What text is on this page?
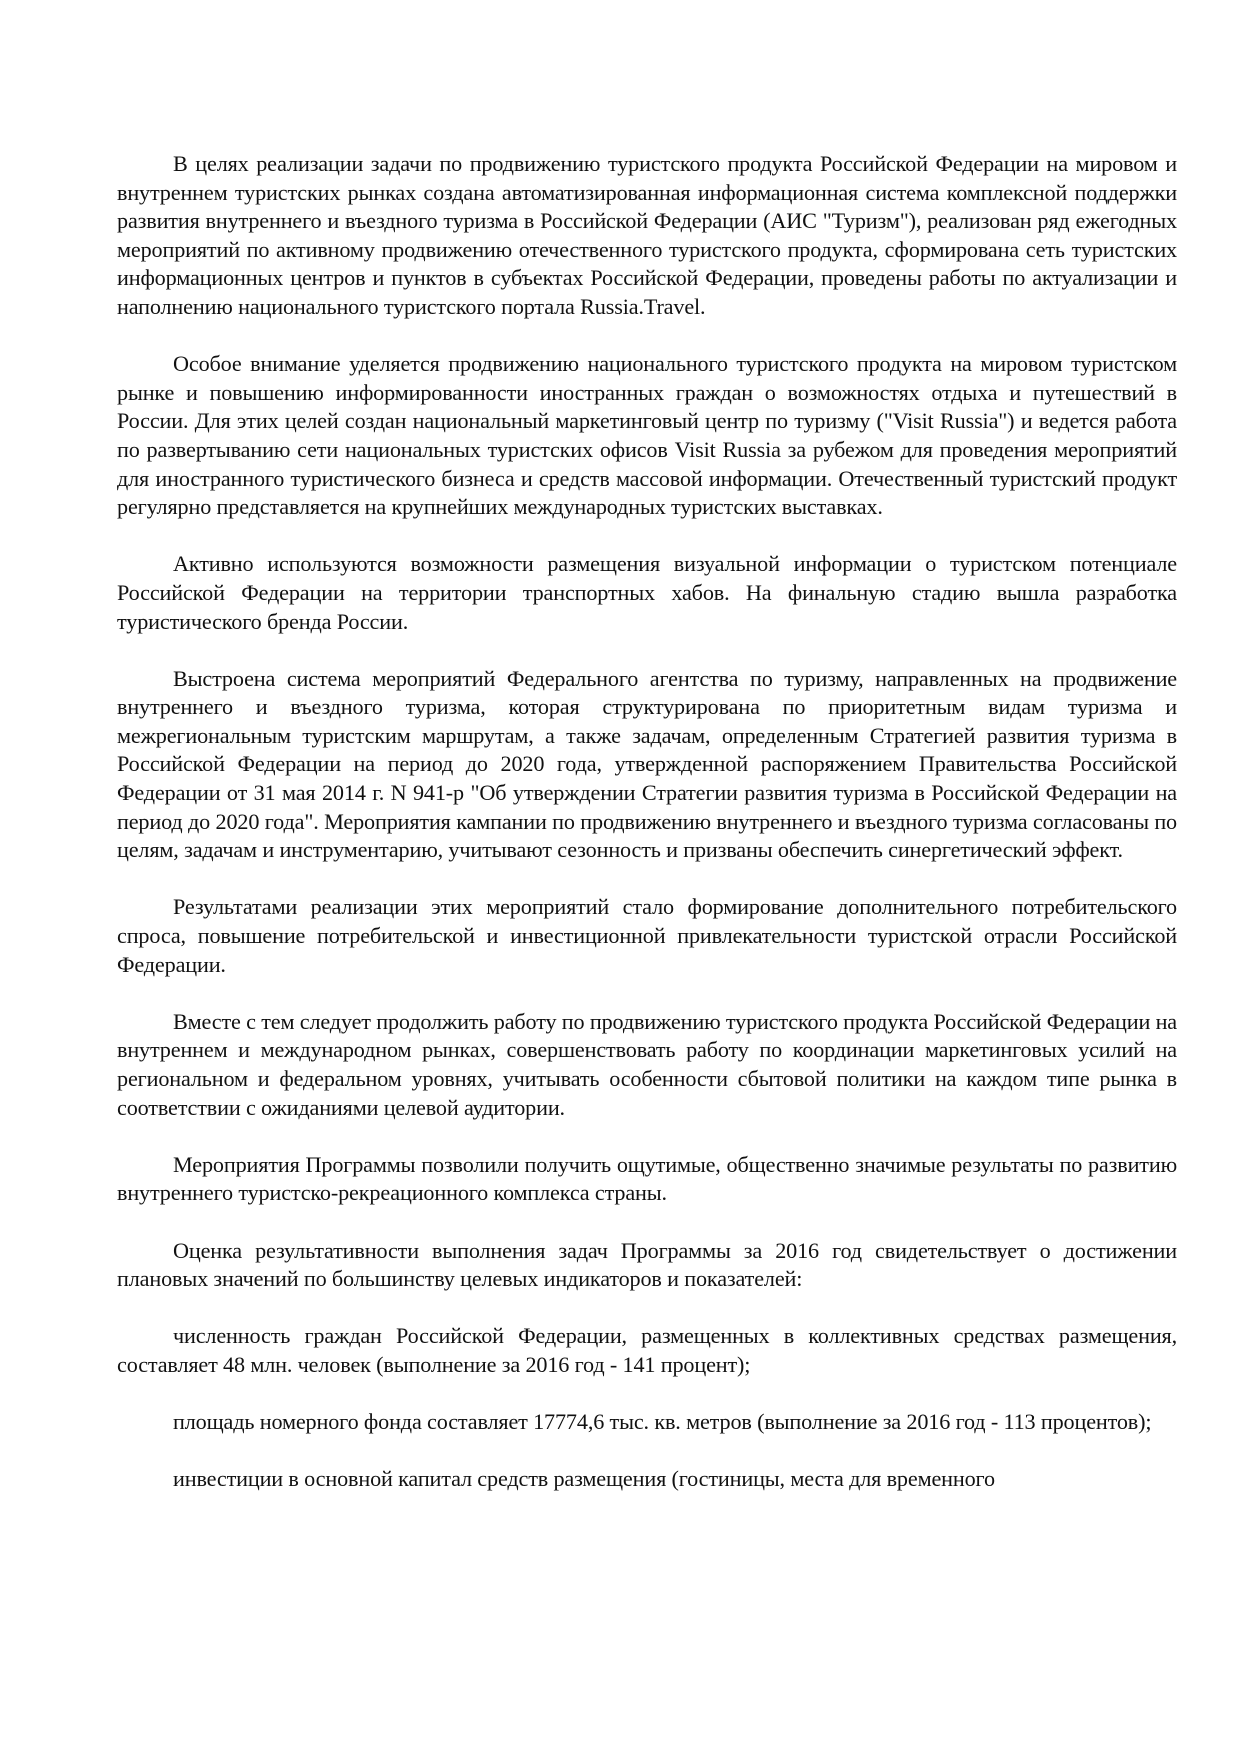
В целях реализации задачи по продвижению туристского продукта Российской Федерации на мировом и внутреннем туристских рынках создана автоматизированная информационная система комплексной поддержки развития внутреннего и въездного туризма в Российской Федерации (АИС "Туризм"), реализован ряд ежегодных мероприятий по активному продвижению отечественного туристского продукта, сформирована сеть туристских информационных центров и пунктов в субъектах Российской Федерации, проведены работы по актуализации и наполнению национального туристского портала Russia.Travel.

Особое внимание уделяется продвижению национального туристского продукта на мировом туристском рынке и повышению информированности иностранных граждан о возможностях отдыха и путешествий в России. Для этих целей создан национальный маркетинговый центр по туризму ("Visit Russia") и ведется работа по развертыванию сети национальных туристских офисов Visit Russia за рубежом для проведения мероприятий для иностранного туристического бизнеса и средств массовой информации. Отечественный туристский продукт регулярно представляется на крупнейших международных туристских выставках.

Активно используются возможности размещения визуальной информации о туристском потенциале Российской Федерации на территории транспортных хабов. На финальную стадию вышла разработка туристического бренда России.

Выстроена система мероприятий Федерального агентства по туризму, направленных на продвижение внутреннего и въездного туризма, которая структурирована по приоритетным видам туризма и межрегиональным туристским маршрутам, а также задачам, определенным Стратегией развития туризма в Российской Федерации на период до 2020 года, утвержденной распоряжением Правительства Российской Федерации от 31 мая 2014 г. N 941-р "Об утверждении Стратегии развития туризма в Российской Федерации на период до 2020 года". Мероприятия кампании по продвижению внутреннего и въездного туризма согласованы по целям, задачам и инструментарию, учитывают сезонность и призваны обеспечить синергетический эффект.

Результатами реализации этих мероприятий стало формирование дополнительного потребительского спроса, повышение потребительской и инвестиционной привлекательности туристской отрасли Российской Федерации.

Вместе с тем следует продолжить работу по продвижению туристского продукта Российской Федерации на внутреннем и международном рынках, совершенствовать работу по координации маркетинговых усилий на региональном и федеральном уровнях, учитывать особенности сбытовой политики на каждом типе рынка в соответствии с ожиданиями целевой аудитории.

Мероприятия Программы позволили получить ощутимые, общественно значимые результаты по развитию внутреннего туристско-рекреационного комплекса страны.

Оценка результативности выполнения задач Программы за 2016 год свидетельствует о достижении плановых значений по большинству целевых индикаторов и показателей:

численность граждан Российской Федерации, размещенных в коллективных средствах размещения, составляет 48 млн. человек (выполнение за 2016 год - 141 процент);

площадь номерного фонда составляет 17774,6 тыс. кв. метров (выполнение за 2016 год - 113 процентов);

инвестиции в основной капитал средств размещения (гостиницы, места для временного
